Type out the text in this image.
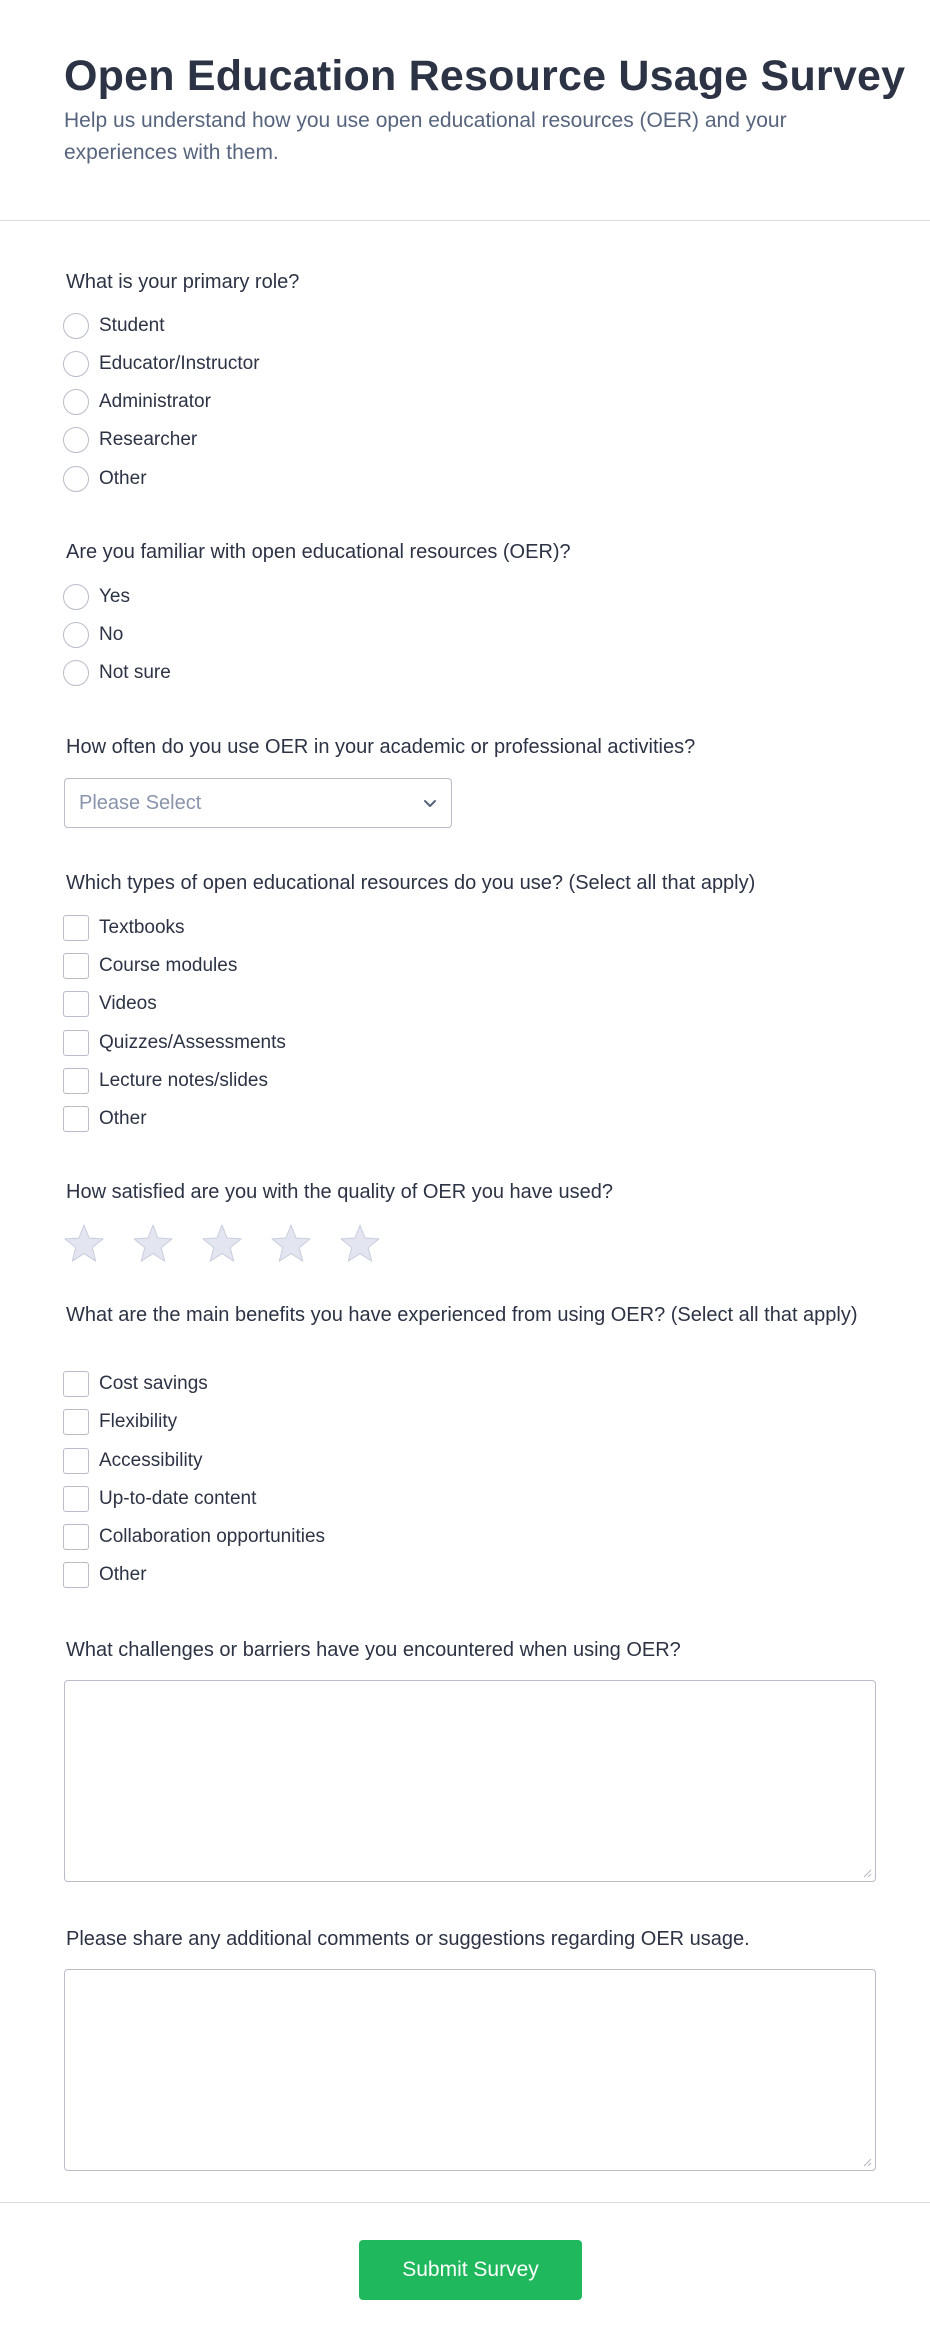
Open Education Resource Usage Survey

Help us understand how you use open educational resources (OER) and your experiences with them.

What is your primary role?
Student
Educator/Instructor
Administrator
Researcher
Other
Are you familiar with open educational resources (OER)?
Yes
No
Not sure
How often do you use OER in your academic or professional activities?
Please Select
Which types of open educational resources do you use? (Select all that apply)
Textbooks
Course modules
Videos
Quizzes/Assessments
Lecture notes/slides
Other
How satisfied are you with the quality of OER you have used?
What are the main benefits you have experienced from using OER? (Select all that apply)
Cost savings
Flexibility
Accessibility
Up-to-date content
Collaboration opportunities
Other
What challenges or barriers have you encountered when using OER?
Please share any additional comments or suggestions regarding OER usage.
Submit Survey
